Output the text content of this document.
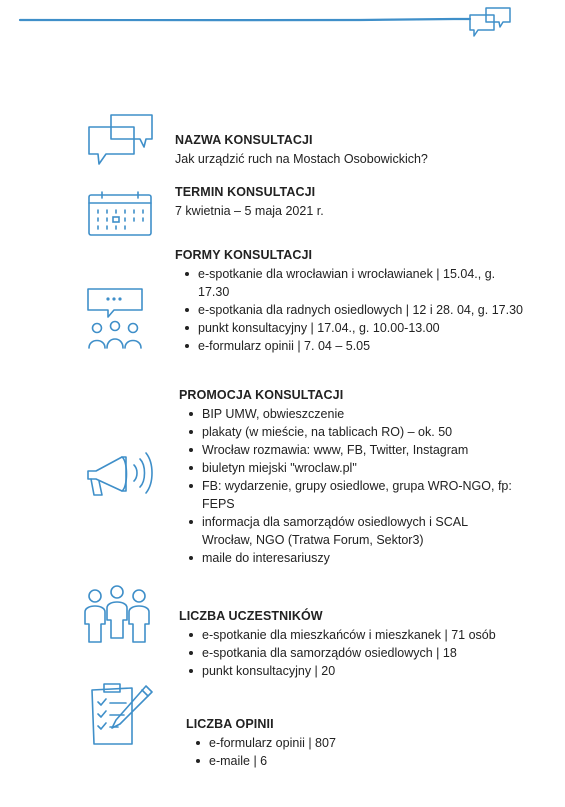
NAZWA KONSULTACJI

Jak urządzić ruch na Mostach Osobowickich?

TERMIN KONSULTACJI

7 kwietnia – 5 maja 2021 r.

FORMY KONSULTACJI
e-spotkanie dla wrocławian i wrocławianek | 15.04., g. 17.30
e-spotkania dla radnych osiedlowych | 12 i 28. 04, g. 17.30
punkt konsultacyjny | 17.04., g. 10.00-13.00
e-formularz opinii | 7. 04 – 5.05
PROMOCJA KONSULTACJI
BIP UMW, obwieszczenie
plakaty (w mieście, na tablicach RO) – ok. 50
Wrocław rozmawia: www, FB, Twitter, Instagram
biuletyn miejski "wroclaw.pl"
FB: wydarzenie, grupy osiedlowe, grupa WRO-NGO, fp: FEPS
informacja dla samorządów osiedlowych i SCAL Wrocław, NGO (Tratwa Forum, Sektor3)
maile do interesariuszy
LICZBA UCZESTNIKÓW
e-spotkanie dla mieszkańców i mieszkanek | 71 osób
e-spotkania dla samorządów osiedlowych | 18
punkt konsultacyjny | 20
LICZBA OPINII
e-formularz opinii | 807
e-maile | 6
